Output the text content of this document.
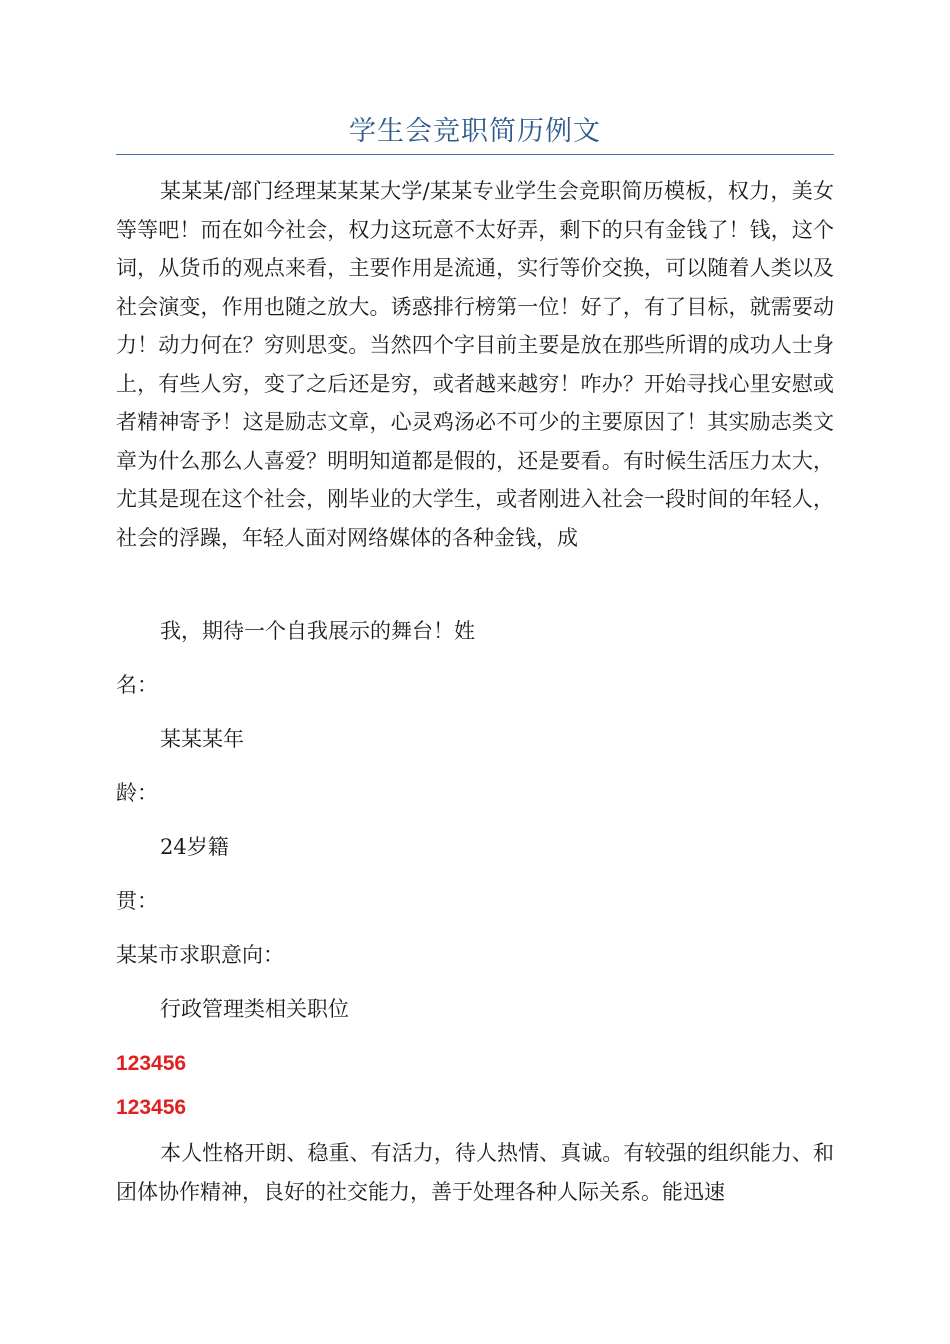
学生会竞职简历例文

某某某/部门经理某某某大学/某某专业学生会竞职简历模板，权力，美女等等吧！而在如今社会，权力这玩意不太好弄，剩下的只有金钱了！钱，这个词，从货币的观点来看，主要作用是流通，实行等价交换，可以随着人类以及社会演变，作用也随之放大。诱惑排行榜第一位！好了，有了目标，就需要动力！动力何在？穷则思变。当然四个字目前主要是放在那些所谓的成功人士身上，有些人穷，变了之后还是穷，或者越来越穷！咋办？开始寻找心里安慰或者精神寄予！这是励志文章，心灵鸡汤必不可少的主要原因了！其实励志类文章为什么那么人喜爱？明明知道都是假的，还是要看。有时候生活压力太大，尤其是现在这个社会，刚毕业的大学生，或者刚进入社会一段时间的年轻人，社会的浮躁，年轻人面对网络媒体的各种金钱，成

我，期待一个自我展示的舞台！姓

名：

某某某年

龄：

24岁籍

贯：

某某市求职意向：

行政管理类相关职位

123456

123456

本人性格开朗、稳重、有活力，待人热情、真诚。有较强的组织能力、和团体协作精神，良好的社交能力，善于处理各种人际关系。能迅速
